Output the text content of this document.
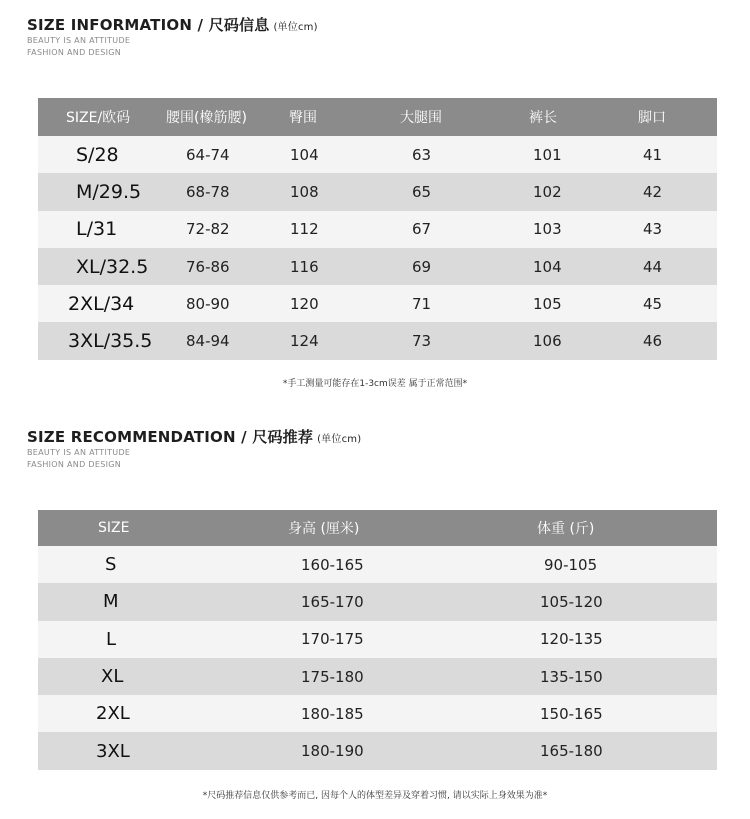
SIZE INFORMATION / 尺码信息 (单位cm)
BEAUTY IS AN ATTITUDE
FASHION AND DESIGN
SIZE/欧码	腰围(橡筋腰)	臀围	大腿围	裤长	脚口
S/28	64-74	104	63	101	41
M/29.5	68-78	108	65	102	42
L/31	72-82	112	67	103	43
XL/32.5	76-86	116	69	104	44
2XL/34	80-90	120	71	105	45
3XL/35.5	84-94	124	73	106	46
*手工测量可能存在1-3cm误差 属于正常范围*
SIZE RECOMMENDATION / 尺码推荐 (单位cm)
BEAUTY IS AN ATTITUDE
FASHION AND DESIGN
SIZE	身高 (厘米)	体重 (斤)
S	160-165	90-105
M	165-170	105-120
L	170-175	120-135
XL	175-180	135-150
2XL	180-185	150-165
3XL	180-190	165-180
*尺码推荐信息仅供参考而已, 因每个人的体型差异及穿着习惯, 请以实际上身效果为准*
